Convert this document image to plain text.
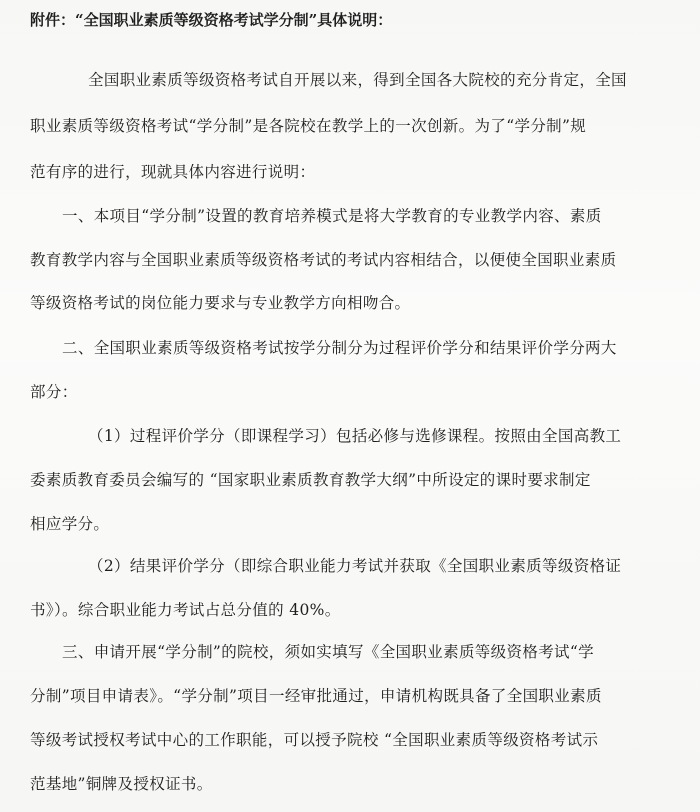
附件：“全国职业素质等级资格考试学分制”具体说明：
全国职业素质等级资格考试自开展以来，得到全国各大院校的充分肯定，全国
职业素质等级资格考试“学分制”是各院校在教学上的一次创新。为了“学分制”规
范有序的进行，现就具体内容进行说明：
一、本项目“学分制”设置的教育培养模式是将大学教育的专业教学内容、素质
教育教学内容与全国职业素质等级资格考试的考试内容相结合，以便使全国职业素质
等级资格考试的岗位能力要求与专业教学方向相吻合。
二、全国职业素质等级资格考试按学分制分为过程评价学分和结果评价学分两大
部分：
（1）过程评价学分（即课程学习）包括必修与选修课程。按照由全国高教工
委素质教育委员会编写的 “国家职业素质教育教学大纲”中所设定的课时要求制定
相应学分。
（2）结果评价学分（即综合职业能力考试并获取《全国职业素质等级资格证
书》）。综合职业能力考试占总分值的 40%。
三、申请开展“学分制”的院校，须如实填写《全国职业素质等级资格考试“学
分制”项目申请表》。“学分制”项目一经审批通过，申请机构既具备了全国职业素质
等级考试授权考试中心的工作职能，可以授予院校 “全国职业素质等级资格考试示
范基地”铜牌及授权证书。
